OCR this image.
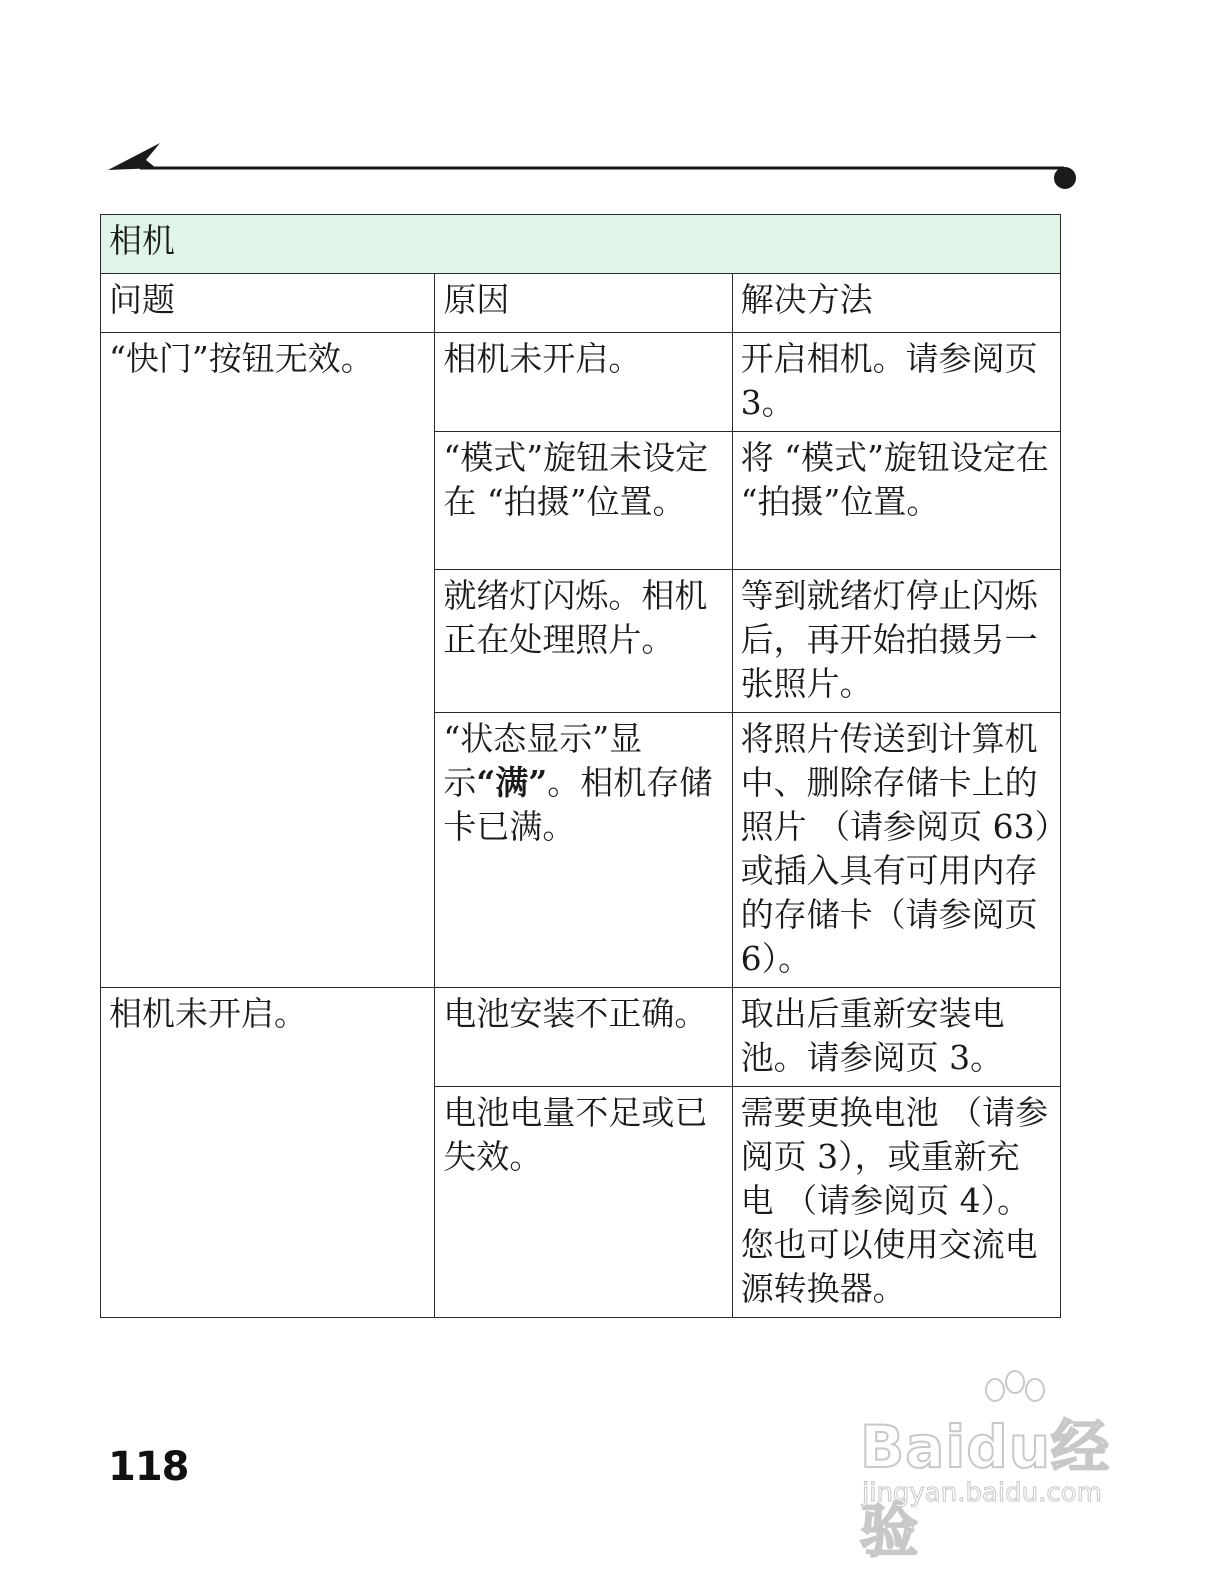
相机		
问题	原因	解决方法
“快门”按钮无效。	相机未开启。	开启相机。请参阅页 3。
	“模式”旋钮未设定在 “拍摄”位置。	将 “模式”旋钮设定在 “拍摄”位置。
	就绪灯闪烁。相机正在处理照片。	等到就绪灯停止闪烁后，再开始拍摄另一张照片。
	“状态显示”显示“满”。相机存储卡已满。	将照片传送到计算机中、删除存储卡上的照片 （请参阅页 63）或插入具有可用内存的存储卡（请参阅页 6）。
相机未开启。	电池安装不正确。	取出后重新安装电池。请参阅页 3。
	电池电量不足或已失效。	需要更换电池 （请参阅页 3），或重新充电 （请参阅页 4）。您也可以使用交流电源转换器。
118	Baidu经验
jingyan.baidu.com
